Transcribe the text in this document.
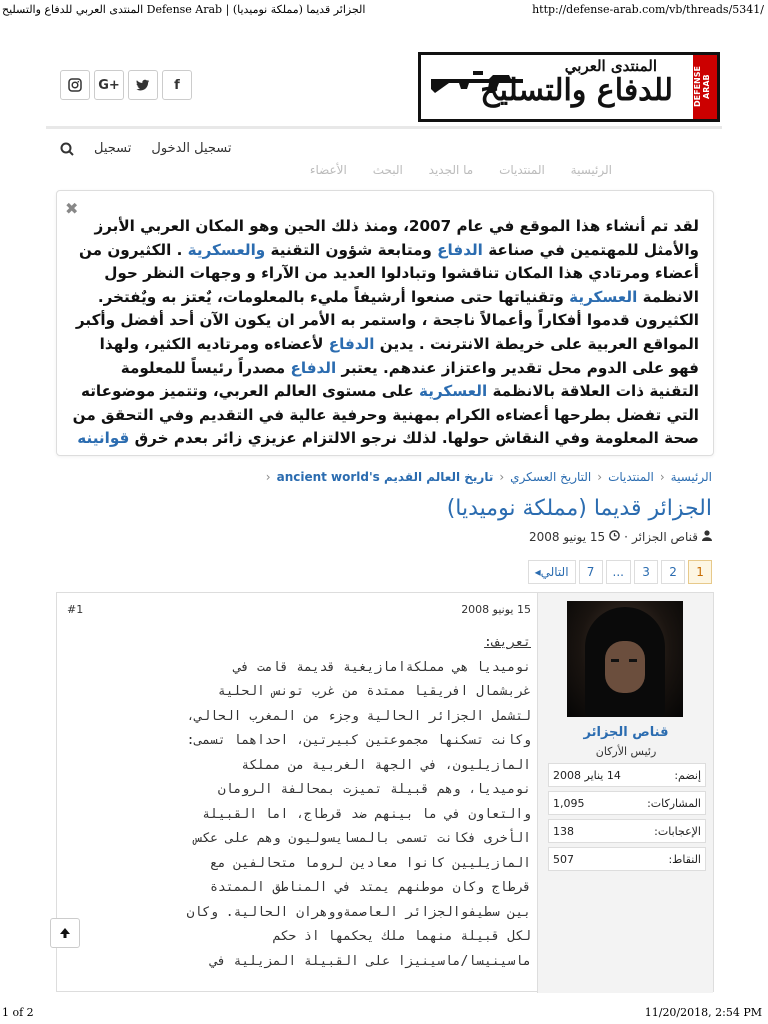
المنتدى العربي للدفاع والتسليح Defense Arab | الجزائر قديما (مملكة نوميديا)	http://defense-arab.com/vb/threads/5341/
G+	f
المنتدى العربي
للدفاع والتسليح	DEFENSE ARAB
تسجيل الدخول
تسجيل
الرئيسية المنتديات ما الجديد البحث الأعضاء
✖
لقد تم أنشاء هذا الموقع في عام 2007، ومنذ ذلك الحين وهو المكان العربي الأبرز والأمثل للمهتمين في صناعة الدفاع ومتابعة شؤون التقنية والعسكرية . الكثيرون من أعضاء ومرتادي هذا المكان تناقشوا وتبادلوا العديد من الآراء و وجهات النظر حول الانظمة العسكرية وتقنياتها حتى صنعوا أرشيفاً مليء بالمعلومات، يٌعتز به ويٌفتخر. الكثيرون قدموا أفكاراً وأعمالاً ناجحة ، واستمر به الأمر ان يكون الآن أحد أفضل وأكبر المواقع العربية على خريطة الانترنت . يدين الدفاع لأعضاءه ومرتاديه الكثير، ولهذا فهو على الدوم محل تقدير واعتزاز عندهم. يعتبر الدفاع مصدراً رئيساً للمعلومة التقنية ذات العلاقة بالانظمة العسكرية على مستوى العالم العربي، وتتميز موضوعاته التي تفضل بطرحها أعضاءه الكرام بمهنية وحرفية عالية في التقديم وفي التحقق من صحة المعلومة وفي النقاش حولها. لذلك نرجو الالتزام عزيزي زائر بعدم خرق قوانينه
الرئيسية
‹
المنتديات
‹
التاريخ العسكري
‹
تاريخ العالم القديم ancient world's
‹
الجزائر قديما (مملكة نوميديا)
قناص الجزائر
·
15 يونيو 2008
1
2
3
...
7
التالي
◂
قناص الجزائر
رئيس الأركان
إنضم:
14 يناير 2008
المشاركات:
1,095
الإعجابات:
138
النقاط:
507
15 يونيو 2008
#1
تعريف:
نوميديا هي مملكةامازيغية قديمة قامت في
غربشمال افريقيا ممتدة من غرب تونس الحلية
لتشمل الجزائر الحالية وجزء من المغرب الحالي،
وكانت تسكنها مجموعتين كبيرتين، احداهما تسمى:
المازيليون، في الجهة الغربية من مملكة
نوميديا، وهم قبيلة تميزت بمحالفة الرومان
والتعاون في ما بينهم ضد قرطاج، اما القبيلة
الأخرى فكانت تسمى بالمسايسوليون وهم على عكس
المازيليين كانوا معادين لروما متحالفين مع
قرطاج وكان موطنهم يمتد في المناطق الممتدة
بين سطيفوالجزائر العاصمةووهران الحالية. وكان
لكل قبيلة منهما ملك يحكمها اذ حكم
ماسينيسا/ماسينيزا على القبيلة المزيلية في
1 of 2	11/20/2018, 2:54 PM
